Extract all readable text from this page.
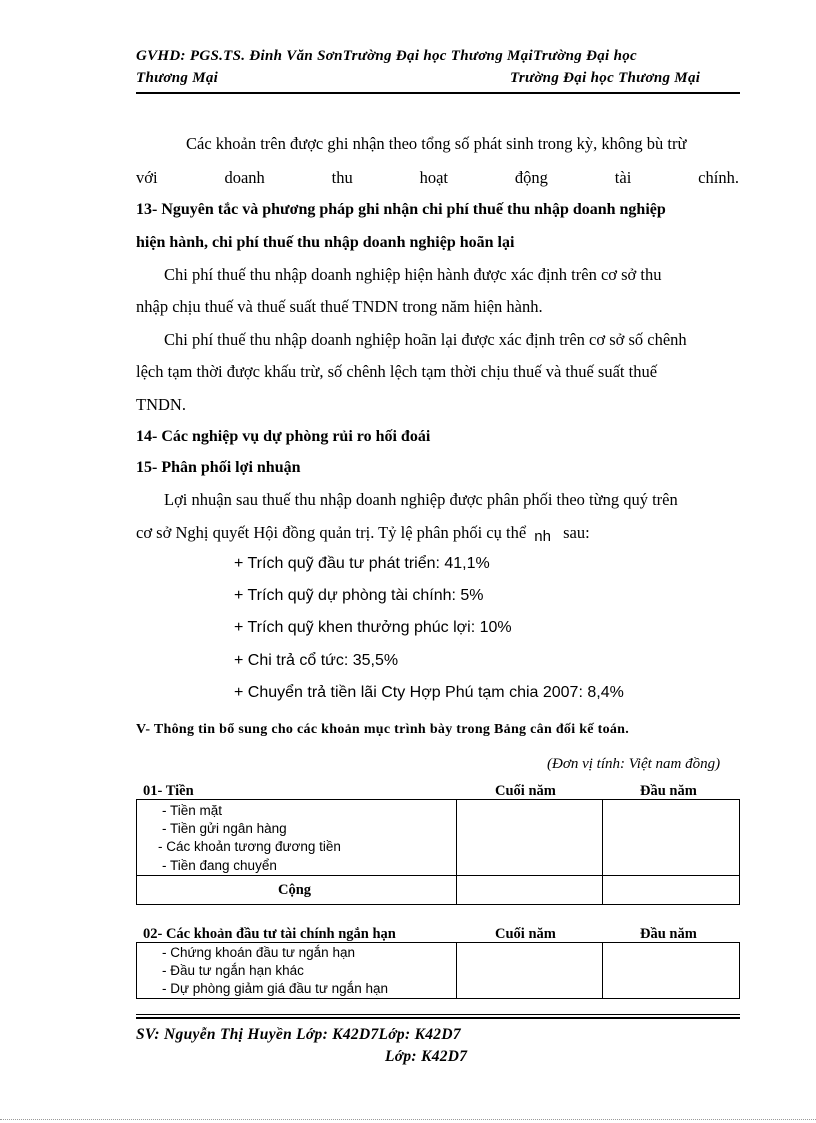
GVHD: PGS.TS. Đinh Văn SơnTrường Đại học Thương MạiTrường Đại học
Thương Mại	Trường Đại học Thương Mại
Các khoản trên được ghi nhận theo tổng số phát sinh trong kỳ, không bù trừ
với	doanh	thu	hoạt	động	tài	chính.
13- Nguyên tắc và phương pháp ghi nhận chi phí thuế thu nhập doanh nghiệp
hiện hành, chi phí thuế thu nhập doanh nghiệp hoãn lại
Chi phí thuế thu nhập doanh nghiệp hiện hành được xác định trên cơ sở thu
nhập chịu thuế và thuế suất thuế TNDN trong năm hiện hành.
Chi phí thuế thu nhập doanh nghiệp hoãn lại được xác định trên cơ sở số chênh
lệch tạm thời được khấu trừ, số chênh lệch tạm thời chịu thuế và thuế suất thuế
TNDN.
14- Các nghiệp vụ dự phòng rủi ro hối đoái
15- Phân phối lợi nhuận
Lợi nhuận sau thuế thu nhập doanh nghiệp được phân phối theo từng quý trên
cơ sở Nghị quyết Hội đồng quản trị. Tỷ lệ phân phối cụ thể nh sau:
+ Trích quỹ đầu tư phát triển: 41,1%
+ Trích quỹ dự phòng tài chính: 5%
+ Trích quỹ khen thưởng phúc lợi: 10%
+ Chi trả cổ tức: 35,5%
+ Chuyển trả tiền lãi Cty Hợp Phú tạm chia 2007: 8,4%
V- Thông tin bổ sung cho các khoản mục trình bày trong Bảng cân đối kế toán.
(Đơn vị tính: Việt nam đồng)
01- Tiền	Cuối năm	Đầu năm
- Tiền mặt
- Tiền gửi ngân hàng
- Các khoản tương đương tiền
- Tiền đang chuyển
Cộng
02- Các khoản đầu tư tài chính ngắn hạn	Cuối năm	Đầu năm
- Chứng khoán đầu tư ngắn hạn
- Đầu tư ngắn hạn khác
- Dự phòng giảm giá đầu tư ngắn hạn
SV: Nguyễn Thị Huyền Lớp: K42D7Lớp: K42D7
Lớp: K42D7
